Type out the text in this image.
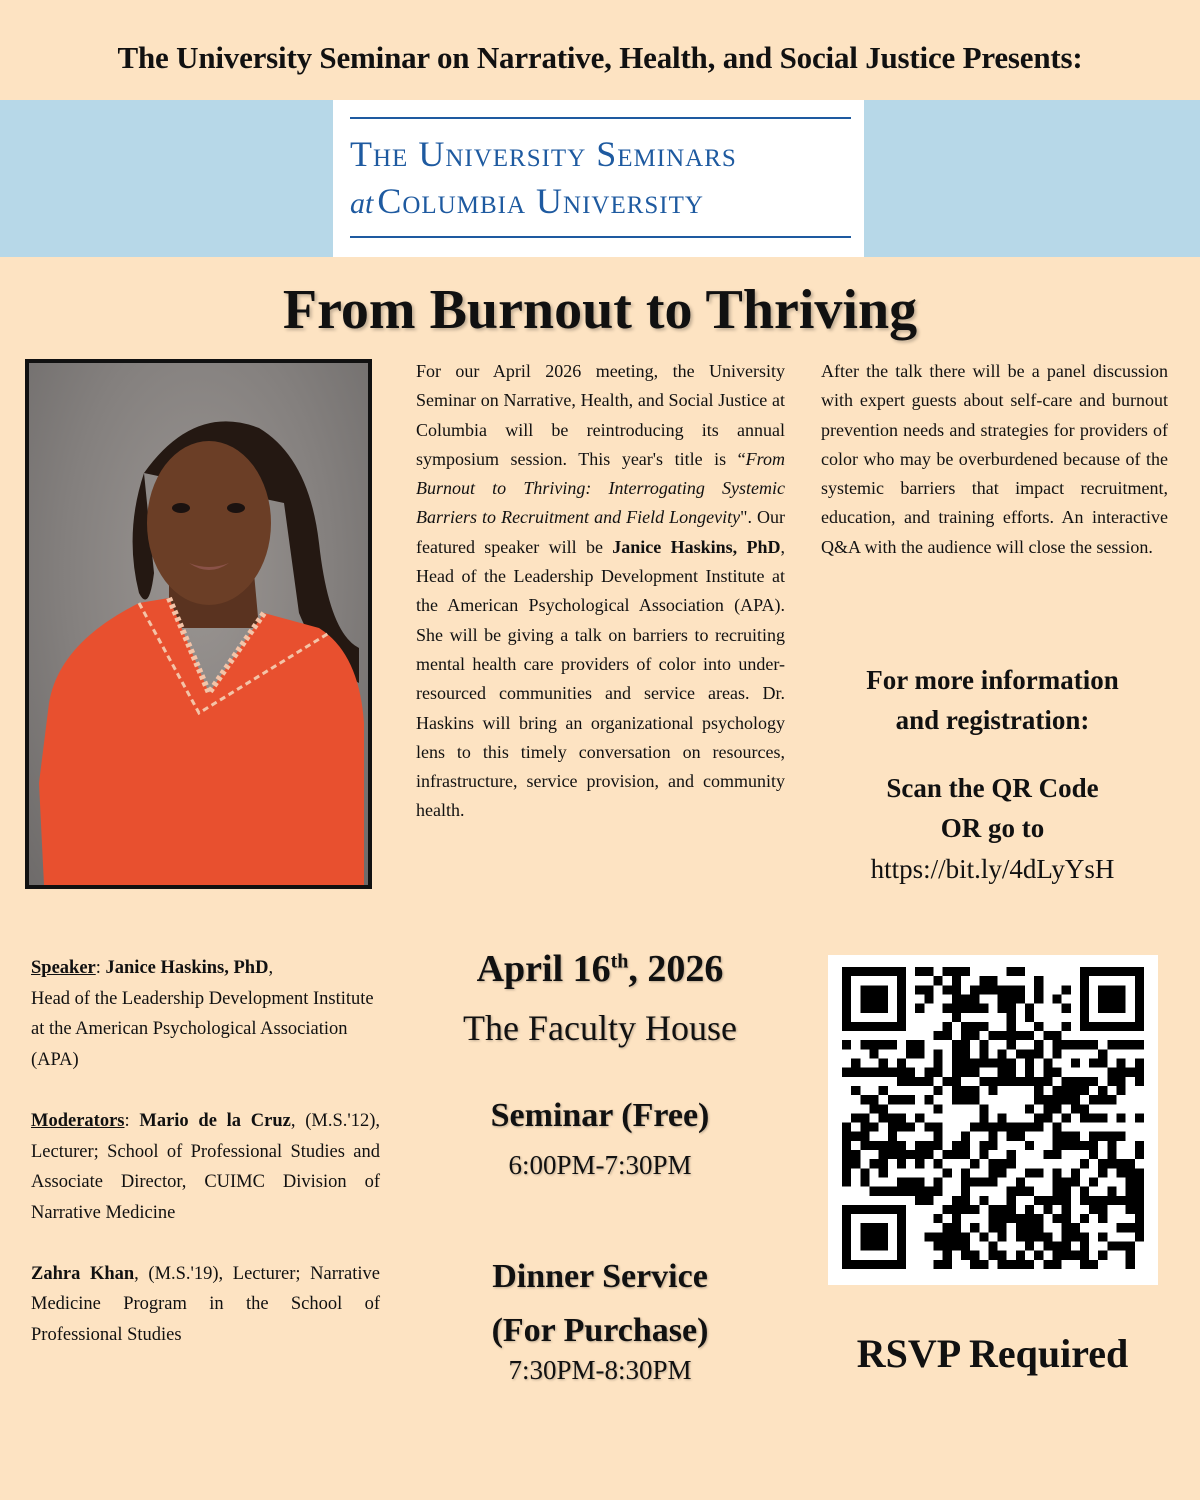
The University Seminar on Narrative, Health, and Social Justice Presents:
The University Seminars
at Columbia University
From Burnout to Thriving
For our April 2026 meeting, the University Seminar on Narrative, Health, and Social Justice at Columbia will be reintroducing its annual symposium session. This year's title is “From Burnout to Thriving: Interrogating Systemic Barriers to Recruitment and Field Longevity". Our featured speaker will be Janice Haskins, PhD, Head of the Leadership Development Institute at the American Psychological Association (APA). She will be giving a talk on barriers to recruiting mental health care providers of color into under-resourced communities and service areas. Dr. Haskins will bring an organizational psychology lens to this timely conversation on resources, infrastructure, service provision, and community health.
After the talk there will be a panel discussion with expert guests about self-care and burnout prevention needs and strategies for providers of color who may be overburdened because of the systemic barriers that impact recruitment, education, and training efforts. An interactive Q&A with the audience will close the session.
For more information
and registration:
Scan the QR Code
OR go to
https://bit.ly/4dLyYsH

Speaker: Janice Haskins, PhD,
Head of the Leadership Development Institute at the American Psychological Association (APA)

Moderators: Mario de la Cruz, (M.S.'12), Lecturer; School of Professional Studies and Associate Director, CUIMC Division of Narrative Medicine

Zahra Khan, (M.S.'19), Lecturer; Narrative Medicine Program in the School of Professional Studies

April 16th, 2026
The Faculty House
Seminar (Free)
6:00PM-7:30PM
Dinner Service
(For Purchase)
7:30PM-8:30PM	RSVP Required
